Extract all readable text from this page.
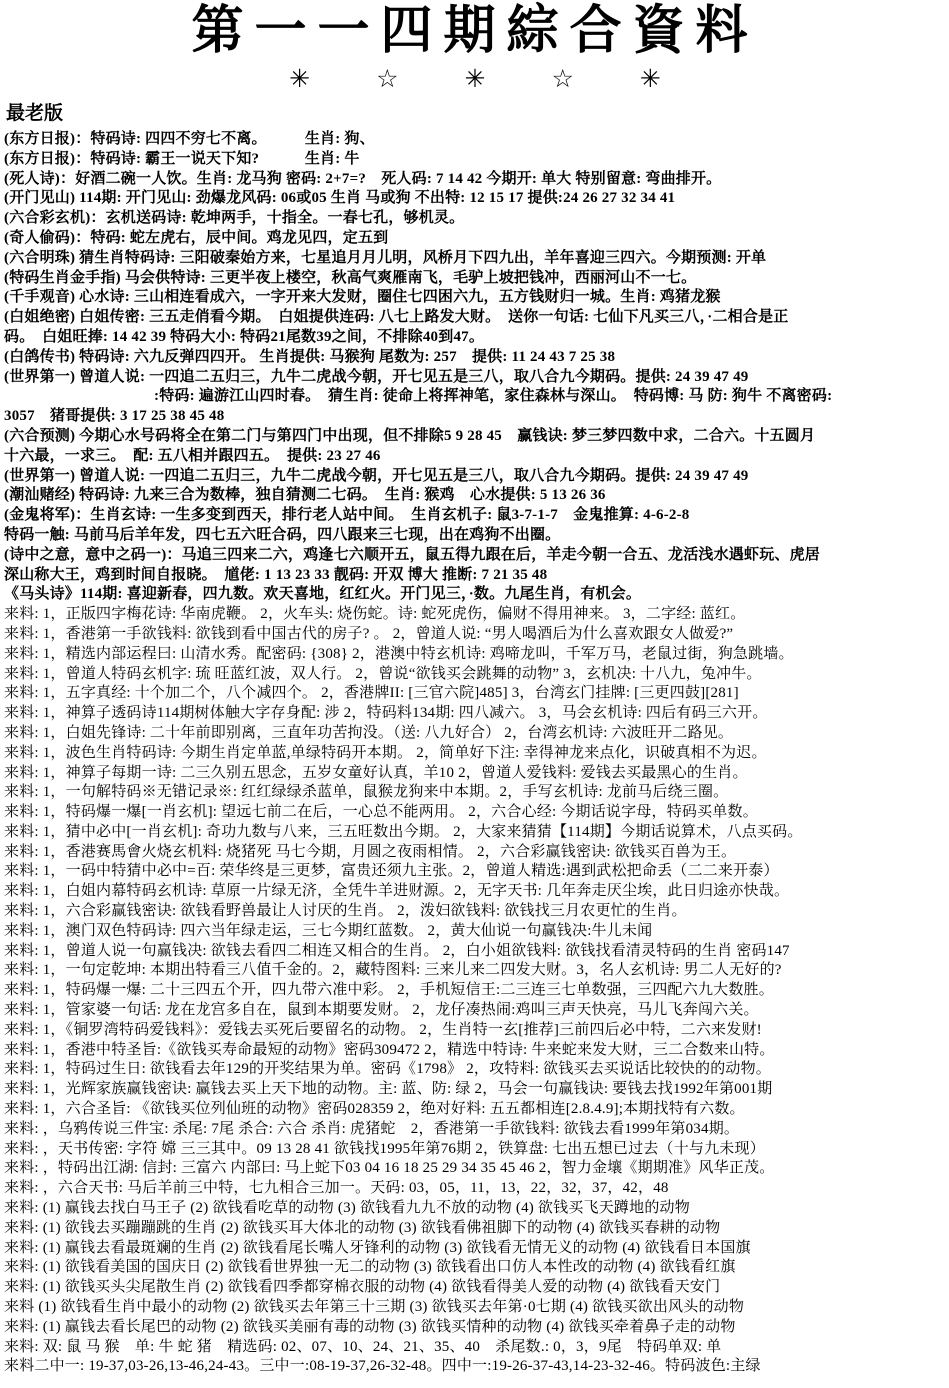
第一一四期綜合資料
✳	☆	✳	☆	✳
最老版
(东方日报)：特码诗: 四四不穷七不离。　　　生肖: 狗、
(东方日报)：特码诗: 霸王一说天下知?　　　生肖: 牛
(死人诗)：好酒二碗一人饮。生肖: 龙马狗 密码: 2+7=?　死人码: 7 14 42 今期开: 单大 特别留意: 弯曲排开。
(开门见山) 114期: 开门见山: 劲爆龙风码: 06或05 生肖 马或狗 不出特: 12 15 17 提供:24 26 27 32 34 41
(六合彩玄机)：玄机送码诗: 乾坤两手，十指全。一春七孔，够机灵。
(奇人偷码)：特码: 蛇左虎右，辰中间。鸡龙见四，定五到
(六合明珠) 猜生肖特码诗: 三阳破秦始方来，七星追月月儿明，风桥月下四九出，羊年喜迎三四六。今期预测: 开单
(特码生肖金手指) 马会供特诗: 三更半夜上楼空，秋高气爽雁南飞，毛驴上坡把钱冲，西丽河山不一七。
(千手观音) 心水诗: 三山相连看成六，一字开来大发财，圈住七四困六九，五方钱财归一城。生肖: 鸡猪龙猴
(白姐绝密) 白姐传密: 三五走俏看今期。　白姐提供连码: 八七上路发大财。　送你一句话: 七仙下凡买三八，·二相合是正
码。　白姐旺捧: 14 42 39 特码大小: 特码21尾数39之间，不排除40到47。
(白鸽传书) 特码诗: 六九反弹四四开。 生肖提供: 马猴狗 尾数为: 257　提供: 11 24 43 7 25 38
(世界第一) 曾道人说: 一四追二五归三，九牛二虎战今朝，开七见五是三八，取八合九今期码。提供: 24 39 47 49
:特码: 遍游江山四时春。　猜生肖: 徒命上将挥神笔，家住森林与深山。　特码博: 马 防: 狗牛 不离密码:
3057　猪哥提供: 3 17 25 38 45 48
(六合预测) 今期心水号码将全在第二门与第四门中出现，但不排除5 9 28 45　赢钱诀: 梦三梦四数中求，二合六。十五圆月
十六最，一求三。　配: 五八相并跟四五。　提供: 23 27 46
(世界第一) 曾道人说: 一四追二五归三，九牛二虎战今朝，开七见五是三八，取八合九今期码。提供: 24 39 47 49
(潮汕赌经) 特码诗: 九来三合为数棒，独自猜测二七码。　生肖: 猴鸡　心水提供: 5 13 26 36
(金鬼将军)：生肖玄诗: 一生多变到西天，排行老人站中间。　生肖玄机子: 鼠3-7-1-7　金鬼推算: 4-6-2-8
特码一触: 马前马后羊年发，四七五六旺合码，四八跟来三七现，出在鸡狗不出圈。
(诗中之意，意中之码一)：马追三四来二六，鸡逢七六顺开五，鼠五得九跟在后，羊走今朝一合五、龙活浅水遇虾玩、虎居
深山称大王，鸡到时间自报晓。　馗佬: 1 13 23 33 靓码: 开双 博大 推断: 7 21 35 48
《马头诗》114期: 喜迎新春，四九数。欢天喜地，红红火。开门见三，·数。九尾生肖，有机会。
来料: 1，正版四字梅花诗: 华南虎鞭。 2，火车头: 烧伤蛇。诗: 蛇死虎伤，偏财不得用神来。 3，二字经: 蓝红。
来料: 1，香港第一手欲钱料: 欲钱到看中国古代的房子? 。 2，曾道人说: “男人喝酒后为什么喜欢跟女人做爱?”
来料: 1，精选内部运程曰: 山清水秀。配密码: {308} 2，港澳中特玄机诗: 鸡啼龙叫，千军万马，老鼠过街，狗急跳墙。
来料: 1，曾道人特码玄机字: 琉 旺蓝红波，双人行。 2，曾说“欲钱买会跳舞的动物” 3，玄机决: 十八九，兔冲牛。
来料: 1，五字真经: 十个加二个，八个减四个。 2，香港牌II: [三官六院]485] 3，台湾玄门挂牌: [三更四鼓][281]
来料: 1，神算子透码诗114期树体触大字存身配: 涉 2，特码料134期: 四八减六。 3，马会玄机诗: 四后有码三六开。
来料: 1，白姐先锋诗: 二十年前即别离，三直年功苦拘没。（送: 八九好合） 2，台湾玄机诗: 六波旺开二路见。
来料: 1，波色生肖特码诗: 今期生肖定单蓝,单绿特码开本期。 2，简单好下注: 幸得神龙来点化，识破真相不为迟。
来料: 1，神算子每期一诗: 二三久别五思念，五岁女童好认真，羊10 2，曾道人爱钱料: 爱钱去买最黑心的生肖。
来料: 1，一句解特码※无错记录※: 红红绿绿杀蓝单，鼠猴龙狗来中本期。2，手写玄机诗: 龙前马后绕三圈。
来料: 1，特码爆一爆[一肖玄机]: 望远七前二在后，一心总不能两用。 2，六合心经: 今期话说字母，特码买单数。
来料: 1，猜中必中[一肖玄机]: 奇功九数与八来，三五旺数出今期。 2，大家来猜猜【114期】今期话说算术，八点买码。
来料: 1，香港赛馬會火烧玄机料: 烧猪死 马七今期，月圆之夜雨相情。 2，六合彩赢钱密诀: 欲钱买百兽为王。
来料: 1，一码中特猜中必中=百: 荣华终是三更梦，富贵还须九主张。2，曾道人精选:遇到武松把命丢（二二来开泰）
来料: 1，白姐内幕特码玄机诗: 草原一片绿无济，全凭牛羊进财源。2，无字天书: 几年奔走厌尘埃，此日归途亦快哉。
来料: 1，六合彩赢钱密诀: 欲钱看野兽最让人讨厌的生肖。 2，泼妇欲钱料: 欲钱找三月农更忙的生肖。
来料: 1，澳门双色特码诗: 四六当年绿走运，三七今期红蓝数。 2，黄大仙说一句赢钱决:牛儿未闻
来料: 1，曾道人说一句赢钱决: 欲钱去看四二相连又相合的生肖。 2，白小姐欲钱料: 欲钱找看清灵特码的生肖 密码147
来料: 1，一句定乾坤: 本期出特看三八值千金的。2，藏特图料: 三来儿来二四发大财。3，名人玄机诗: 男二人无好的?
来料: 1，特码爆一爆: 二十三四五个开，四九带六准中彩。 2，手机短信王:二三连三七单数强，三四配六九大数胜。
来料: 1，管家婆一句话: 龙在龙宫多自在，鼠到本期要发财。 2，龙仔凑热闹:鸡叫三声天快亮，马儿飞奔闯六关。
来料: 1，《铜罗湾特码爱钱料》：爱钱去买死后要留名的动物。 2，生肖特一玄[推荐]三前四后必中特，二六来发财!
来料: 1，香港中特圣旨:《欲钱买寿命最短的动物》密码309472 2，精选中特诗: 牛来蛇来发大财，三二合数来山特。
来料: 1，特码过生日: 欲钱看去年129的开奖结果为单。密码《1798》 2，攻特料: 欲钱买去买说话比较快的的动物。
来料: 1，光辉家族赢钱密诀: 赢钱去买上天下地的动物。主: 蓝、防: 绿 2，马会一句赢钱诀: 要钱去找1992年第001期
来料: 1，六合圣旨: 《欲钱买位列仙班的动物》密码028359 2，绝对好料: 五五都相连[2.8.4.9];本期找特有六数。
来料: ，乌鸦传说三件宝: 杀尾: 7尾 杀合: 六合 杀肖: 虎猪蛇　2，香港第一手欲钱料: 欲钱去看1999年第034期。
来料: ，天书传密: 字符 嫦 三三其中。09 13 28 41 欲钱找1995年第76期 2，铁算盘: 七出五想已过去（十与九未现）
来料: ，特码出江湖: 信封: 三富六 内部曰: 马上蛇下03 04 16 18 25 29 34 35 45 46 2，智力金壤《期期准》风华正茂。
来料: ，六合天书: 马后羊前三中特，七九相合三加一。天码: 03，05，11，13，22，32，37，42，48
来料: (1) 赢钱去找白马王子 (2) 欲钱看吃草的动物 (3) 欲钱看九九不放的动物 (4) 欲钱买飞天蹲地的动物
来料: (1) 欲钱去买蹦蹦跳的生肖 (2) 欲钱买耳大体北的动物 (3) 欲钱看佛祖脚下的动物 (4) 欲钱买春耕的动物
来料: (1) 赢钱去看最斑斓的生肖 (2) 欲钱看尾长嘴人牙锋利的动物 (3) 欲钱看无情无义的动物 (4) 欲钱看日本国旗
来料: (1) 欲钱看美国的国庆日 (2) 欲钱看世界独一无二的动物 (3) 欲钱看出口仿人本性改的动物 (4) 欲钱看红旗
来料: (1) 欲钱买头尖尾散生肖 (2) 欲钱看四季都穿棉衣服的动物 (4) 欲钱看得美人爱的动物 (4) 欲钱看天安门
来料 (1) 欲钱看生肖中最小的动物 (2) 欲钱买去年第三十三期 (3) 欲钱买去年第·0七期 (4) 欲钱买欲出风头的动物
来料: (1) 赢钱去看长尾巴的动物 (2) 欲钱买美丽有毒的动物 (3) 欲钱买情种的动物 (4) 欲钱买牵着鼻子走的动物
来料: 双: 鼠 马 猴　单: 牛 蛇 猪　精选码: 02、07、10、24、21、35、40　杀尾数.: 0，3，9尾　特码单双: 单
来料二中一: 19-37,03-26,13-46,24-43。三中一:08-19-37,26-32-48。四中一:19-26-37-43,14-23-32-46。特码波色:主绿
